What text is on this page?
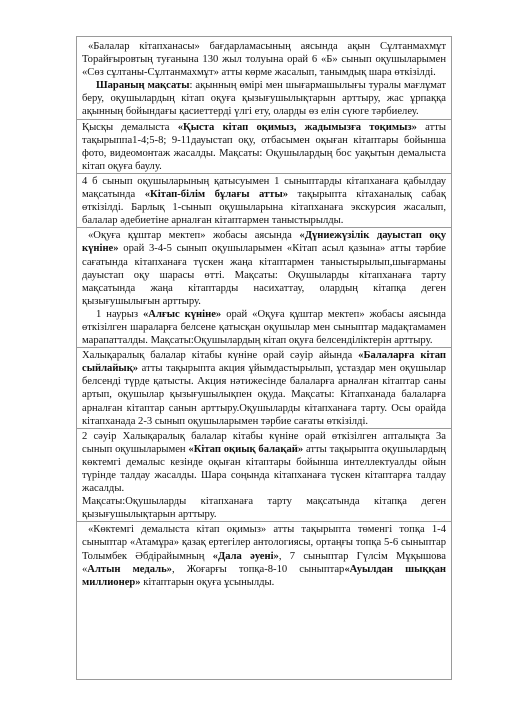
«Балалар кітапханасы» бағдарламасының аясында ақын Сұлтанмахмұт Торайғыровтың туғанына 130 жыл толуына орай 6 «Б» сынып оқушыларымен «Сөз сұлтаны-Сұлтанмахмұт» атты көрме жасалып, танымдық шара өткізілді.

Шараның мақсаты: ақынның өмірі мен шығармашылығы туралы мағлұмат беру, оқушылардың кітап оқуға қызығушылықтарын арттыру, жас ұрпаққа ақынның бойындағы қасиеттерді үлгі ету, оларды өз елін сүюге тәрбиелеу.

Қысқы демалыста «Қыста кітап оқимыз, жадымызға тоқимыз» атты тақырыппа1-4;5-8; 9-11дауыстап оқу, отбасымен оқыған кітаптары бойынша фото, видеомонтаж жасалды. Мақсаты: Оқушылардың бос уақытын демалыста кітап оқуға баулу.

4 б сынып оқушыларының қатысуымен 1 сыныптарды кітапханаға қабылдау мақсатында «Кітап-білім бұлағы атты» тақырыпта кітаханалық сабақ өткізілді. Барлық 1-сынып оқушыларына кітапханаға экскурсия жасалып, балалар әдебиетіне арналған кітаптармен таныстырылды.

«Оқуға құштар мектеп» жобасы аясында «Дүниежүзілік дауыстап оқу күніне» орай 3-4-5 сынып оқушыларымен «Кітап асыл қазына» атты тәрбие сағатында кітапханаға түскен жаңа кітаптармен таныстырылып,шығарманы дауыстап оқу шарасы өтті. Мақсаты: Оқушыларды кітапханаға тарту мақсатында жаңа кітаптарды насихаттау, олардың кітапқа деген қызығушылығын арттыру.

1 наурыз «Алғыс күніне» орай «Оқуға құштар мектеп» жобасы аясында өткізілген шараларға белсене қатысқан оқушылар мен сыныптар мадақтамамен марапатталды. Мақсаты:Оқушылардың кітап оқуға белсенділіктерін арттыру.

Халықаралық балалар кітабы күніне орай сәуір айында «Балаларға кітап сыйлайық» атты тақырыпта акция ұйымдастырылып, ұстаздар мен оқушылар белсенді түрде қатысты. Акция нәтижесінде балаларға арналған кітаптар саны артып, оқушылар қызығушылықпен оқуда. Мақсаты: Кітапханада балаларға арналған кітаптар санын арттыру.Оқушыларды кітапханаға тарту. Осы орайда кітапханада 2-3 сынып оқушыларымен тәрбие сағаты өткізілді.

2 сәуір Халықаралық балалар кітабы күніне орай өткізілген апталықта 3а сынып оқушыларымен «Кітап оқиық балақай» атты тақырыпта оқушылардың көктемгі демалыс кезінде оқыған кітаптары бойынша интеллектуалды ойын түрінде талдау жасалды. Шара соңында кітапханаға түскен кітаптарға талдау жасалды.

Мақсаты:Оқушыларды кітапханаға тарту мақсатында кітапқа деген қызығушылықтарын арттыру.

«Көктемгі демалыста кітап оқимыз» атты тақырыпта төменгі топқа 1-4 сыныптар «Атамұра» қазақ ертегілер антологиясы, ортаңғы топқа 5-6 сыныптар Толымбек Әбдірайымның «Дала әуені», 7 сыныптар Гүлсім Мұқышова «Алтын медаль», Жоғарғы топқа-8-10 сыныптар«Ауылдан шыққан миллионер» кітаптарын оқуға ұсынылды.
